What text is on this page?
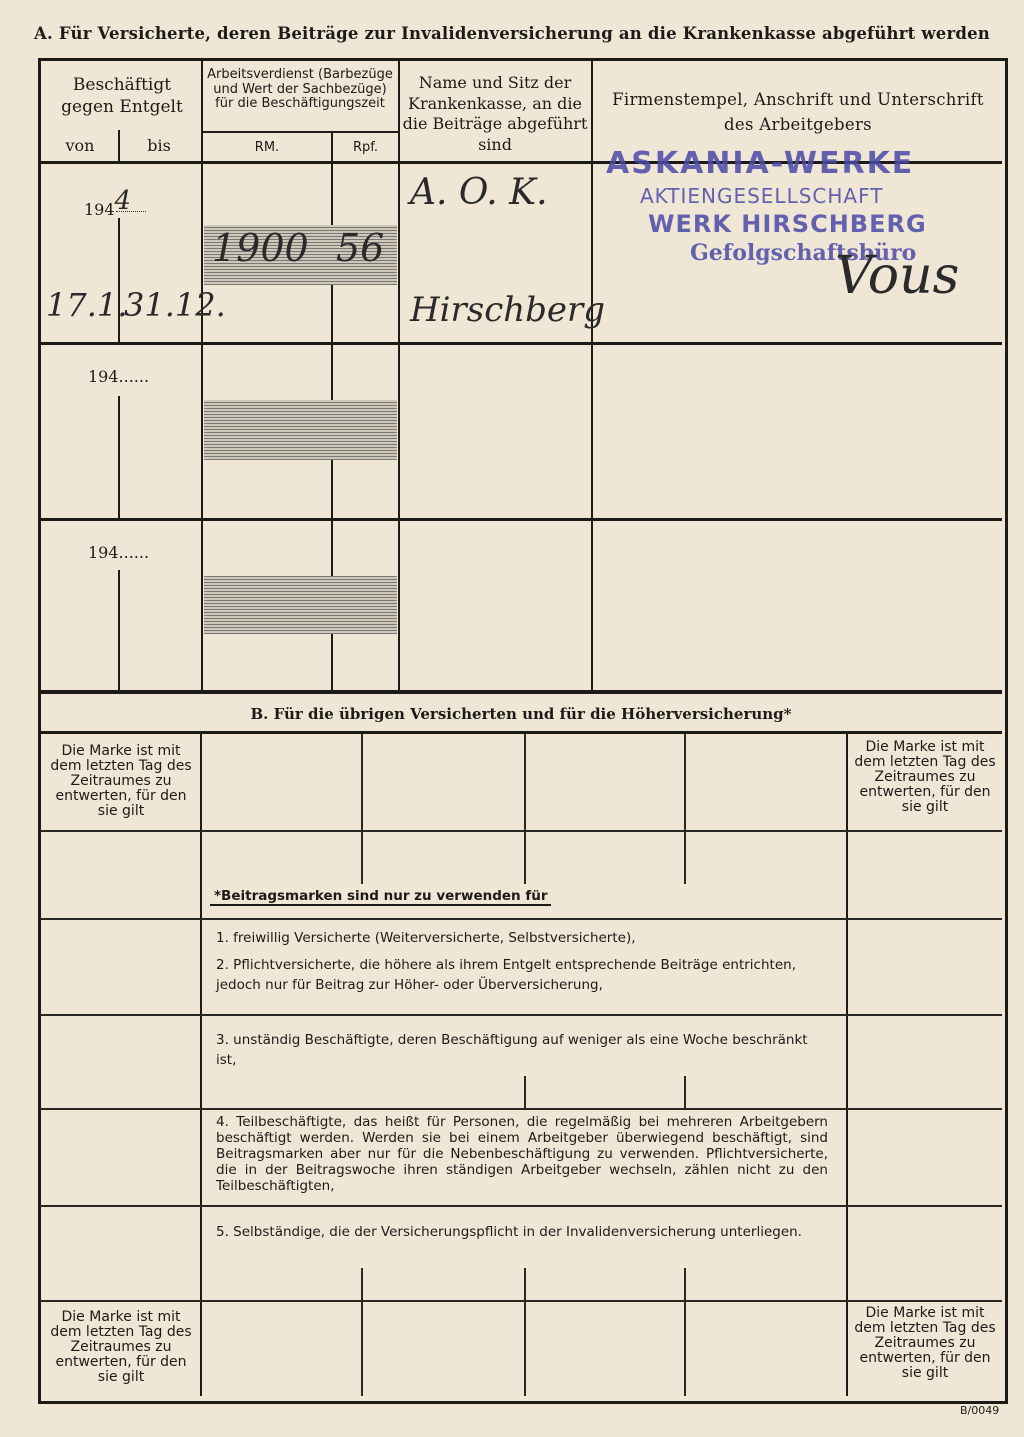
A. Für Versicherte, deren Beiträge zur Invalidenversicherung an die Krankenkasse abgeführt werden
Beschäftigt gegen Entgelt
von	bis
Arbeitsverdienst (Barbezüge und Wert der Sachbezüge) für die Beschäftigungszeit
RM.	Rpf.
Name und Sitz der Krankenkasse, an die die Beiträge abgeführt sind
Firmenstempel, Anschrift und Unterschrift des Arbeitgebers
1944
17.1.
31.12.
1900 56
A. O. K.
Hirschberg
ASKANIA-WERKE
AKTIENGESELLSCHAFT
WERK HIRSCHBERG
Gefolgschaftsbüro
Vous
194......
194......
B. Für die übrigen Versicherten und für die Höherversicherung*
Die Marke ist mit dem letzten Tag des Zeitraumes zu entwerten, für den sie gilt
Die Marke ist mit dem letzten Tag des Zeitraumes zu entwerten, für den sie gilt
Die Marke ist mit dem letzten Tag des Zeitraumes zu entwerten, für den sie gilt
Die Marke ist mit dem letzten Tag des Zeitraumes zu entwerten, für den sie gilt
*Beitragsmarken sind nur zu verwenden für
1. freiwillig Versicherte (Weiterversicherte, Selbstversicherte),
2. Pflichtversicherte, die höhere als ihrem Entgelt entsprechende Beiträge entrichten, jedoch nur für Beitrag zur Höher- oder Überversicherung,
3. unständig Beschäftigte, deren Beschäftigung auf weniger als eine Woche beschränkt ist,
4. Teilbeschäftigte, das heißt für Personen, die regelmäßig bei mehreren Arbeitgebern beschäftigt werden. Werden sie bei einem Arbeitgeber überwiegend beschäftigt, sind Beitragsmarken aber nur für die Nebenbeschäftigung zu verwenden. Pflichtversicherte, die in der Beitragswoche ihren ständigen Arbeitgeber wechseln, zählen nicht zu den Teilbeschäftigten,
5. Selbständige, die der Versicherungspflicht in der Invalidenversicherung unterliegen.
B/0049
